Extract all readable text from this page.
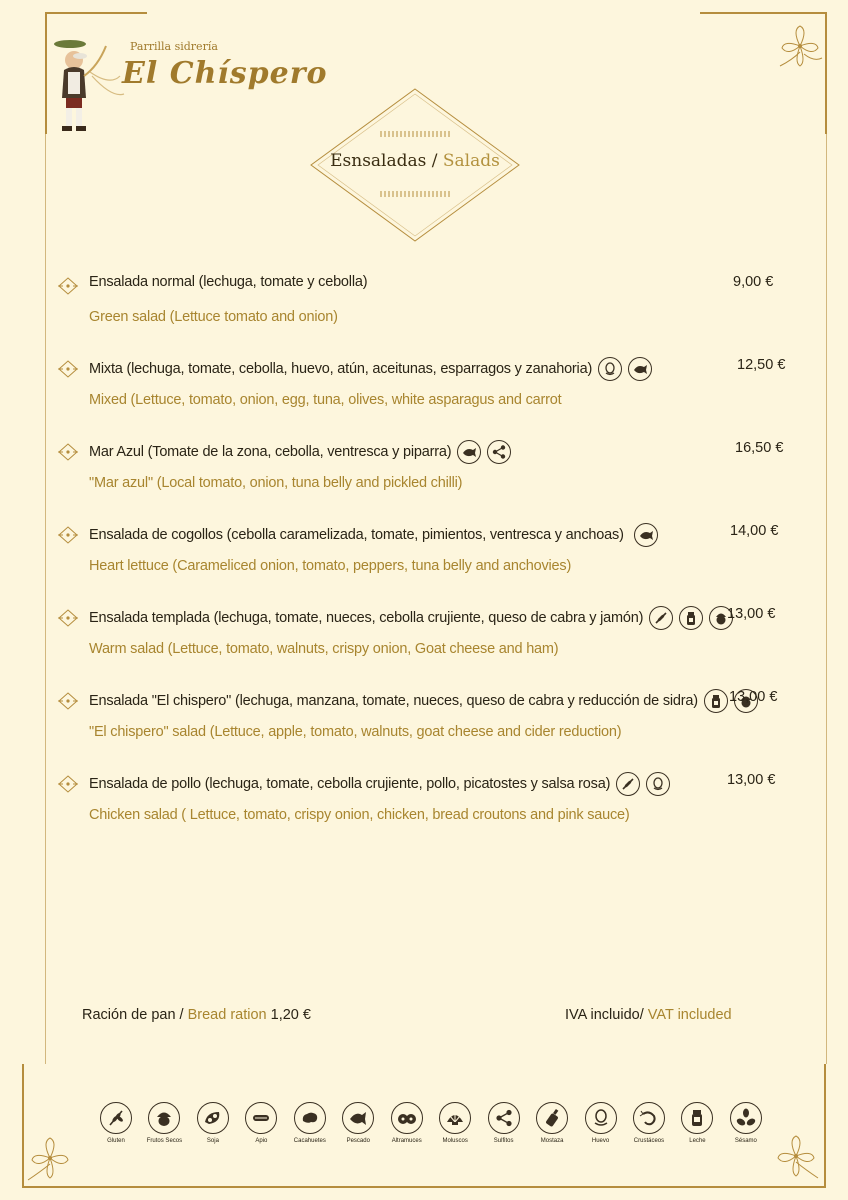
Parrilla sidrería
El Chíspero
Esnsaladas / Salads
Ensalada normal (lechuga, tomate y cebolla)
Green salad (Lettuce tomato and onion)
9,00 €
Mixta (lechuga, tomate, cebolla, huevo, atún, aceitunas, esparragos y zanahoria)
Mixed (Lettuce, tomato, onion, egg, tuna, olives, white asparagus and carrot
12,50 €
Mar Azul (Tomate de la zona, cebolla, ventresca y piparra)
"Mar azul" (Local tomato, onion, tuna belly and pickled chilli)
16,50 €
Ensalada de cogollos (cebolla caramelizada, tomate, pimientos, ventresca y anchoas)
Heart lettuce (Carameliced onion, tomato, peppers, tuna belly and anchovies)
14,00 €
Ensalada templada (lechuga, tomate, nueces, cebolla crujiente, queso de cabra y jamón)
Warm salad (Lettuce, tomato, walnuts, crispy onion, Goat cheese and ham)
13,00 €
Ensalada "El chispero" (lechuga, manzana, tomate, nueces, queso de cabra y reducción de sidra)
"El chispero" salad (Lettuce, apple, tomato, walnuts, goat cheese and cider reduction)
13,00 €
Ensalada de pollo (lechuga, tomate, cebolla crujiente, pollo, picatostes y salsa rosa)
Chicken salad ( Lettuce, tomato, crispy onion, chicken, bread croutons and pink sauce)
13,00 €
Ración de pan / Bread ration 1,20 €	IVA incluido/ VAT included
Gluten	Frutos Secos	Soja	Apio	Cacahuetes	Pescado	Altramuces	Moluscos	Sulfitos	Mostaza	Huevo	Crustáceos	Leche	Sésamo
